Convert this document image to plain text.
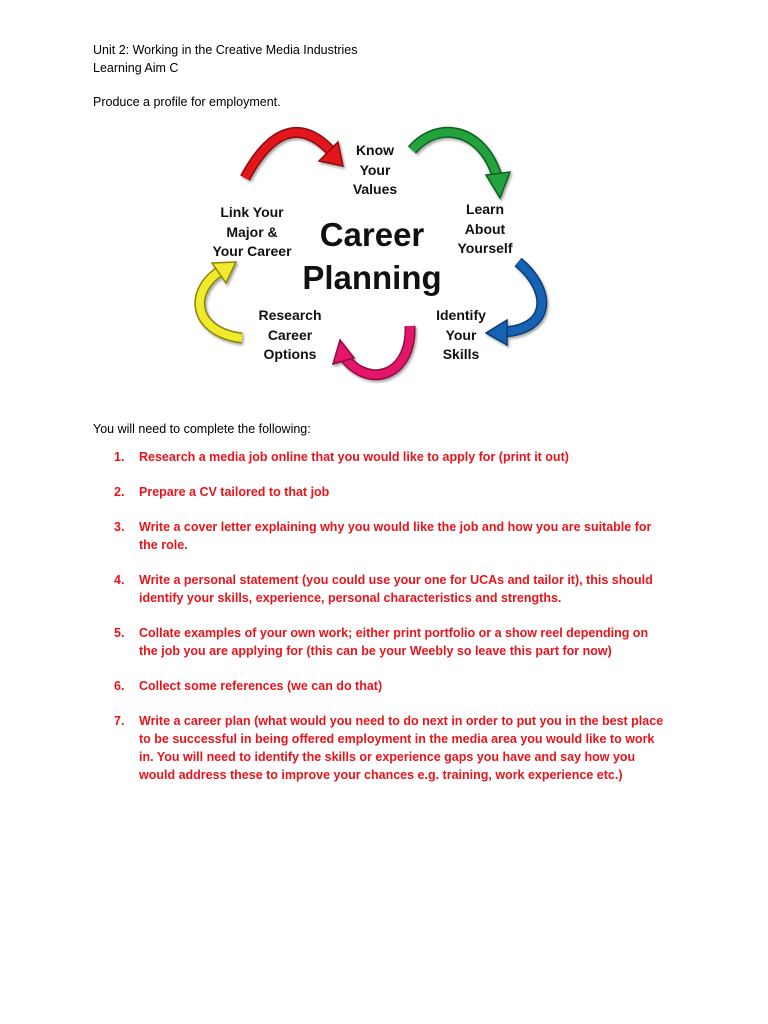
Unit 2: Working in the Creative Media Industries
Learning Aim C
Produce a profile for employment.
Career
Planning
Know
Your
Values
Learn
About
Yourself
Identify
Your
Skills
Research
Career
Options
Link Your
Major &
Your Career
You will need to complete the following:
1.	Research a media job online that you would like to apply for (print it out)
2.	Prepare a CV tailored to that job
3.	Write a cover letter explaining why you would like the job and how you are suitable for the role.
4.	Write a personal statement (you could use your one for UCAs and tailor it), this should identify your skills, experience, personal characteristics and strengths.
5.	Collate examples of your own work; either print portfolio or a show reel depending on the job you are applying for (this can be your Weebly so leave this part for now)
6.	Collect some references (we can do that)
7.	Write a career plan (what would you need to do next in order to put you in the best place to be successful in being offered employment in the media area you would like to work in. You will need to identify the skills or experience gaps you have and say how you would address these to improve your chances e.g. training, work experience etc.)
